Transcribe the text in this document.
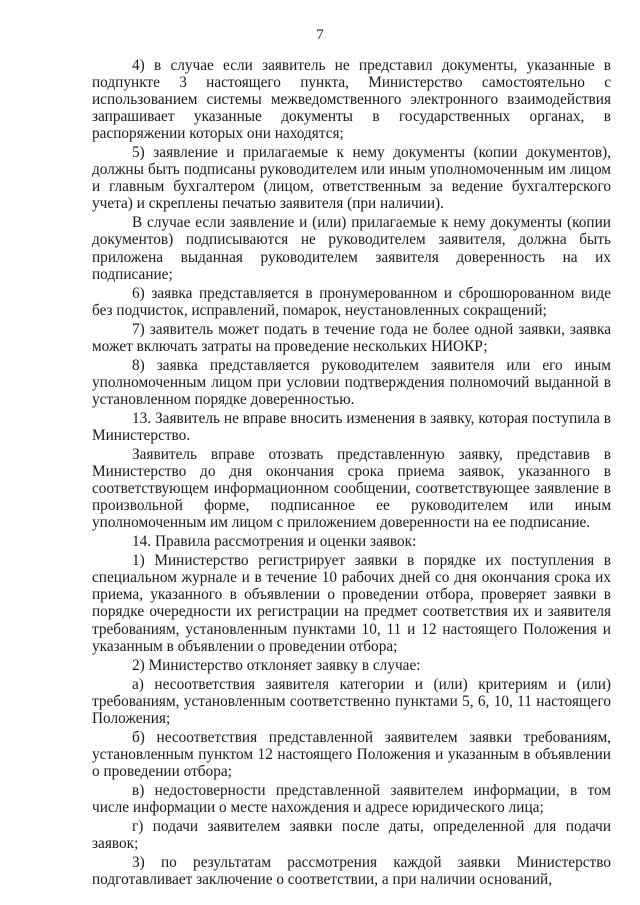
7

4) в случае если заявитель не представил документы, указанные в подпункте 3 настоящего пункта, Министерство самостоятельно с использованием системы межведомственного электронного взаимодействия запрашивает указанные документы в государственных органах, в распоряжении которых они находятся;

5) заявление и прилагаемые к нему документы (копии документов), должны быть подписаны руководителем или иным уполномоченным им лицом и главным бухгалтером (лицом, ответственным за ведение бухгалтерского учета) и скреплены печатью заявителя (при наличии).

В случае если заявление и (или) прилагаемые к нему документы (копии документов) подписываются не руководителем заявителя, должна быть приложена выданная руководителем заявителя доверенность на их подписание;

6) заявка представляется в пронумерованном и сброшюрованном виде без подчисток, исправлений, помарок, неустановленных сокращений;

7) заявитель может подать в течение года не более одной заявки, заявка может включать затраты на проведение нескольких НИОКР;

8) заявка представляется руководителем заявителя или его иным уполномоченным лицом при условии подтверждения полномочий выданной в установленном порядке доверенностью.

13. Заявитель не вправе вносить изменения в заявку, которая поступила в Министерство.

Заявитель вправе отозвать представленную заявку, представив в Министерство до дня окончания срока приема заявок, указанного в соответствующем информационном сообщении, соответствующее заявление в произвольной форме, подписанное ее руководителем или иным уполномоченным им лицом с приложением доверенности на ее подписание.

14. Правила рассмотрения и оценки заявок:

1) Министерство регистрирует заявки в порядке их поступления в специальном журнале и в течение 10 рабочих дней со дня окончания срока их приема, указанного в объявлении о проведении отбора, проверяет заявки в порядке очередности их регистрации на предмет соответствия их и заявителя требованиям, установленным пунктами 10, 11 и 12 настоящего Положения и указанным в объявлении о проведении отбора;

2) Министерство отклоняет заявку в случае:

а) несоответствия заявителя категории и (или) критериям и (или) требованиям, установленным соответственно пунктами 5, 6, 10, 11 настоящего Положения;

б) несоответствия представленной заявителем заявки требованиям, установленным пунктом 12 настоящего Положения и указанным в объявлении о проведении отбора;

в) недостоверности представленной заявителем информации, в том числе информации о месте нахождения и адресе юридического лица;

г) подачи заявителем заявки после даты, определенной для подачи заявок;

3) по результатам рассмотрения каждой заявки Министерство подготавливает заключение о соответствии, а при наличии оснований,
